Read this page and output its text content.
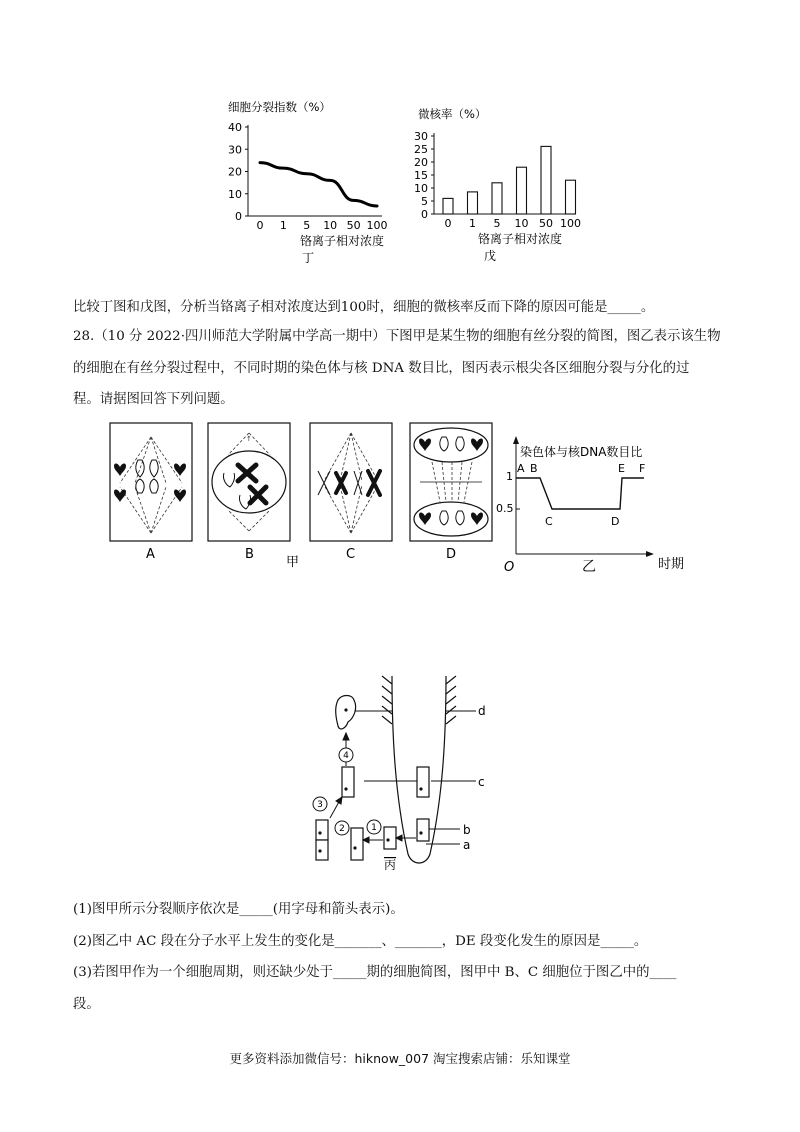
细胞分裂指数（%）
0
10
20
30
40
0 1 5 10 50 100
铬离子相对浓度
丁
微核率（%）
0
5
10
15
20
25
30
0 1 5 10 50 100
铬离子相对浓度
戊
比较丁图和戊图，分析当铬离子相对浓度达到100时，细胞的微核率反而下降的原因可能是_____。
28.（10 分 2022·四川师范大学附属中学高一期中）下图甲是某生物的细胞有丝分裂的简图，图乙表示该生物
的细胞在有丝分裂过程中，不同时期的染色体与核 DNA 数目比，图丙表示根尖各区细胞分裂与分化的过
程。请据图回答下列问题。
↑
A	B
甲
C	D
染色体与核DNA数目比
1
0.5
A B
C	D
E F
O	乙	时期
4
3
2	1
a
b
c
d
丙
(1)图甲所示分裂顺序依次是_____(用字母和箭头表示)。
(2)图乙中 AC 段在分子水平上发生的变化是_______、_______，DE 段变化发生的原因是_____。
(3)若图甲作为一个细胞周期，则还缺少处于_____期的细胞简图，图甲中 B、C 细胞位于图乙中的____
段。
更多资料添加微信号：hiknow_007 淘宝搜索店铺：乐知课堂
